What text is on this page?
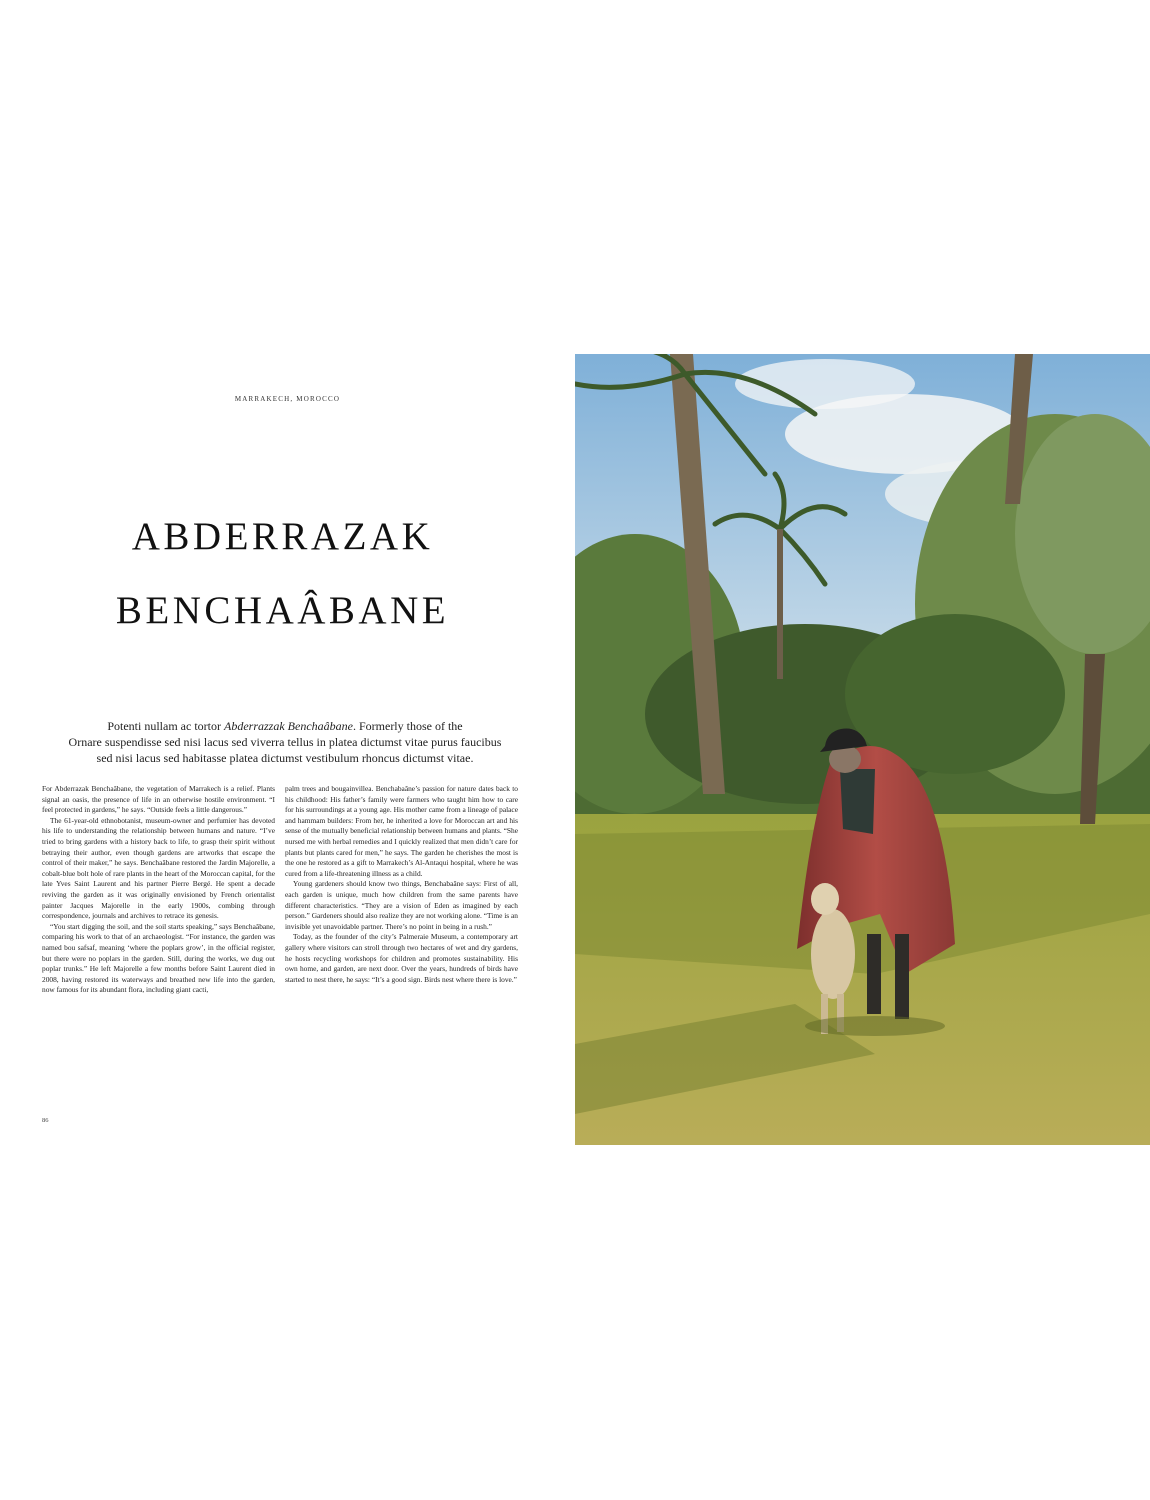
MARRAKECH, MOROCCO
ABDERRAZAK
BENCHAÂBANE
Potenti nullam ac tortor Abderrazzak Benchaâbane. Formerly those of the
Ornare suspendisse sed nisi lacus sed viverra tellus in platea dictumst vitae purus faucibus
sed nisi lacus sed habitasse platea dictumst vestibulum rhoncus dictumst vitae.

For Abderrazak Benchaâbane, the vegetation of Marrakech is a relief. Plants signal an oasis, the presence of life in an otherwise hostile environment. “I feel protected in gardens,” he says. “Outside feels a little dangerous.”

The 61-year-old ethnobotanist, museum-owner and perfumier has devoted his life to understanding the relationship between humans and nature. “I’ve tried to bring gardens with a history back to life, to grasp their spirit without betraying their author, even though gardens are artworks that escape the control of their maker,” he says. Benchaâbane restored the Jardin Majorelle, a cobalt-blue bolt hole of rare plants in the heart of the Moroccan capital, for the late Yves Saint Laurent and his partner Pierre Bergé. He spent a decade reviving the garden as it was originally envisioned by French orientalist painter Jacques Majorelle in the early 1900s, combing through correspondence, journals and archives to retrace its genesis.

“You start digging the soil, and the soil starts speaking,” says Benchaâbane, comparing his work to that of an archaeologist. “For instance, the garden was named bou safsaf, meaning ‘where the poplars grow’, in the official register, but there were no poplars in the garden. Still, during the works, we dug out poplar trunks.” He left Majorelle a few months before Saint Laurent died in 2008, having restored its waterways and breathed new life into the garden, now famous for its abundant flora, including giant cacti,

palm trees and bougainvillea. Benchabaâne’s passion for nature dates back to his childhood: His father’s family were farmers who taught him how to care for his surroundings at a young age. His mother came from a lineage of palace and hammam builders: From her, he inherited a love for Moroccan art and his sense of the mutually beneficial relationship between humans and plants. “She nursed me with herbal remedies and I quickly realized that men didn’t care for plants but plants cared for men,” he says. The garden he cherishes the most is the one he restored as a gift to Marrakech’s Al-Antaqui hospital, where he was cured from a life-threatening illness as a child.

Young gardeners should know two things, Benchabaâne says: First of all, each garden is unique, much how children from the same parents have different characteristics. “They are a vision of Eden as imagined by each person.” Gardeners should also realize they are not working alone. “Time is an invisible yet unavoidable partner. There’s no point in being in a rush.”

Today, as the founder of the city’s Palmeraie Museum, a contemporary art gallery where visitors can stroll through two hectares of wet and dry gardens, he hosts recycling workshops for children and promotes sustainability. His own home, and garden, are next door. Over the years, hundreds of birds have started to nest there, he says: “It’s a good sign. Birds nest where there is love.”

86
